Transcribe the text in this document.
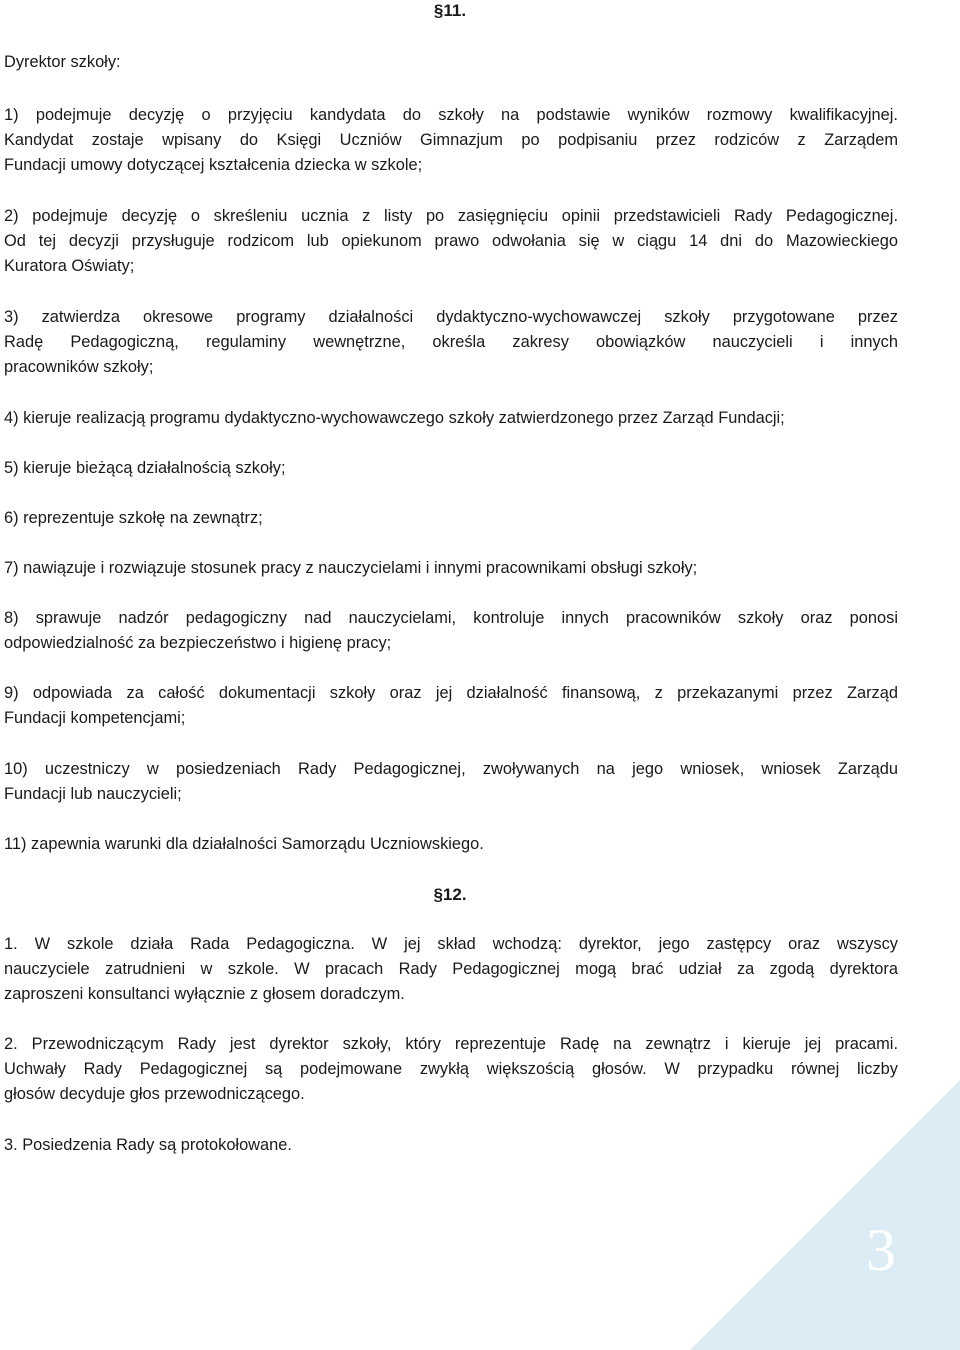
3
§11.

Dyrektor szkoły:

1) podejmuje decyzję o przyjęciu kandydata do szkoły na podstawie wyników rozmowy kwalifikacyjnej.
Kandydat zostaje wpisany do Księgi Uczniów Gimnazjum po podpisaniu przez rodziców z Zarządem
Fundacji umowy dotyczącej kształcenia dziecka w szkole;

2) podejmuje decyzję o skreśleniu ucznia z listy po zasięgnięciu opinii przedstawicieli Rady Pedagogicznej.
Od tej decyzji przysługuje rodzicom lub opiekunom prawo odwołania się w ciągu 14 dni do Mazowieckiego
Kuratora Oświaty;

3) zatwierdza okresowe programy działalności dydaktyczno-wychowawczej szkoły przygotowane przez
Radę Pedagogiczną, regulaminy wewnętrzne, określa zakresy obowiązków nauczycieli i innych
pracowników szkoły;

4) kieruje realizacją programu dydaktyczno-wychowawczego szkoły zatwierdzonego przez Zarząd Fundacji;

5) kieruje bieżącą działalnością szkoły;

6) reprezentuje szkołę na zewnątrz;

7) nawiązuje i rozwiązuje stosunek pracy z nauczycielami i innymi pracownikami obsługi szkoły;

8) sprawuje nadzór pedagogiczny nad nauczycielami, kontroluje innych pracowników szkoły oraz ponosi
odpowiedzialność za bezpieczeństwo i higienę pracy;

9) odpowiada za całość dokumentacji szkoły oraz jej działalność finansową, z przekazanymi przez Zarząd
Fundacji kompetencjami;

10) uczestniczy w posiedzeniach Rady Pedagogicznej, zwoływanych na jego wniosek, wniosek Zarządu
Fundacji lub nauczycieli;

11) zapewnia warunki dla działalności Samorządu Uczniowskiego.

§12.

1. W szkole działa Rada Pedagogiczna. W jej skład wchodzą: dyrektor, jego zastępcy oraz wszyscy
nauczyciele zatrudnieni w szkole. W pracach Rady Pedagogicznej mogą brać udział za zgodą dyrektora
zaproszeni konsultanci wyłącznie z głosem doradczym.

2. Przewodniczącym Rady jest dyrektor szkoły, który reprezentuje Radę na zewnątrz i kieruje jej pracami.
Uchwały Rady Pedagogicznej są podejmowane zwykłą większością głosów. W przypadku równej liczby
głosów decyduje głos przewodniczącego.

3. Posiedzenia Rady są protokołowane.
